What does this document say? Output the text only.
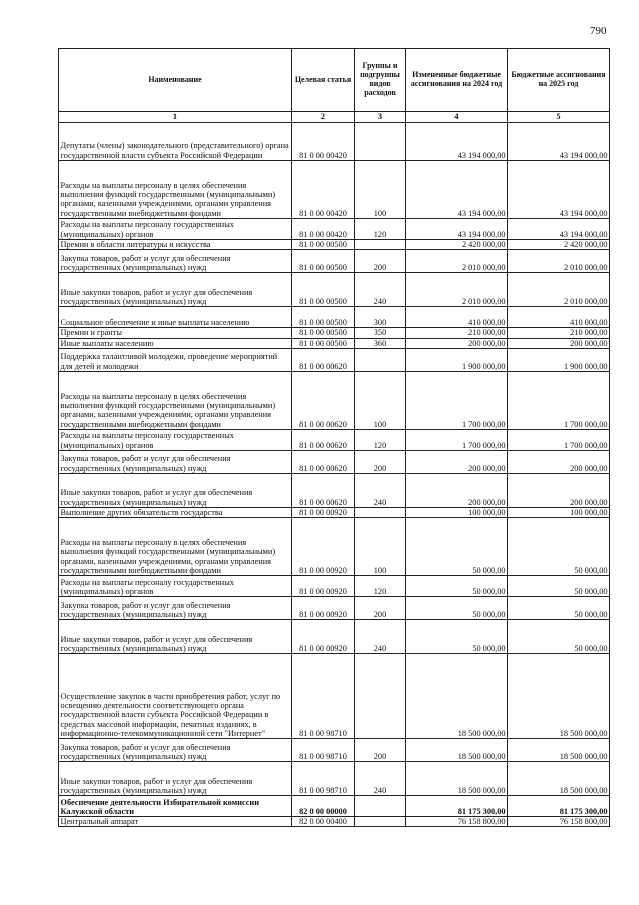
790
Наименование	Целевая статья	Группы и подгруппы видов расходов	Измененные бюджетные ассигнования на 2024 год	Бюджетные ассигнования на 2025 год
1	2	3	4	5
Депутаты (члены) законодательного (представительного) органа государственной власти субъекта Российской Федерации	81 0 00 00420		43 194 000,00	43 194 000,00
Расходы на выплаты персоналу в целях обеспечения выполнения функций государственными (муниципальными) органами, казенными учреждениями, органами управления государственными внебюджетными фондами	81 0 00 00420	100	43 194 000,00	43 194 000,00
Расходы на выплаты персоналу государственных (муниципальных) органов	81 0 00 00420	120	43 194 000,00	43 194 000,00
Премии в области литературы и искусства	81 0 00 00500		2 420 000,00	2 420 000,00
Закупка товаров, работ и услуг для обеспечения государственных (муниципальных) нужд	81 0 00 00500	200	2 010 000,00	2 010 000,00
Иные закупки товаров, работ и услуг для обеспечения государственных (муниципальных) нужд	81 0 00 00500	240	2 010 000,00	2 010 000,00
Социальное обеспечение и иные выплаты населению	81 0 00 00500	300	410 000,00	410 000,00
Премии и гранты	81 0 00 00500	350	210 000,00	210 000,00
Иные выплаты населению	81 0 00 00500	360	200 000,00	200 000,00
Поддержка талантливой молодежи, проведение мероприятий для детей и молодежи	81 0 00 00620		1 900 000,00	1 900 000,00
Расходы на выплаты персоналу в целях обеспечения выполнения функций государственными (муниципальными) органами, казенными учреждениями, органами управления государственными внебюджетными фондами	81 0 00 00620	100	1 700 000,00	1 700 000,00
Расходы на выплаты персоналу государственных (муниципальных) органов	81 0 00 00620	120	1 700 000,00	1 700 000,00
Закупка товаров, работ и услуг для обеспечения государственных (муниципальных) нужд	81 0 00 00620	200	200 000,00	200 000,00
Иные закупки товаров, работ и услуг для обеспечения государственных (муниципальных) нужд	81 0 00 00620	240	200 000,00	200 000,00
Выполнение других обязательств государства	81 0 00 00920		100 000,00	100 000,00
Расходы на выплаты персоналу в целях обеспечения выполнения функций государственными (муниципальными) органами, казенными учреждениями, органами управления государственными внебюджетными фондами	81 0 00 00920	100	50 000,00	50 000,00
Расходы на выплаты персоналу государственных (муниципальных) органов	81 0 00 00920	120	50 000,00	50 000,00
Закупка товаров, работ и услуг для обеспечения государственных (муниципальных) нужд	81 0 00 00920	200	50 000,00	50 000,00
Иные закупки товаров, работ и услуг для обеспечения государственных (муниципальных) нужд	81 0 00 00920	240	50 000,00	50 000,00
Осуществление закупок в части приобретения работ, услуг по освещению деятельности соответствующего органа государственной власти субъекта Российской Федерации в средствах массовой информации, печатных изданиях, в информационно-телекоммуникационной сети "Интернет"	81 0 00 98710		18 500 000,00	18 500 000,00
Закупка товаров, работ и услуг для обеспечения государственных (муниципальных) нужд	81 0 00 98710	200	18 500 000,00	18 500 000,00
Иные закупки товаров, работ и услуг для обеспечения государственных (муниципальных) нужд	81 0 00 98710	240	18 500 000,00	18 500 000,00
Обеспечение деятельности Избирательной комиссии Калужской области	82 0 00 00000		81 175 300,00	81 175 300,00
Центральный аппарат	82 0 00 00400		76 158 800,00	76 158 800,00
